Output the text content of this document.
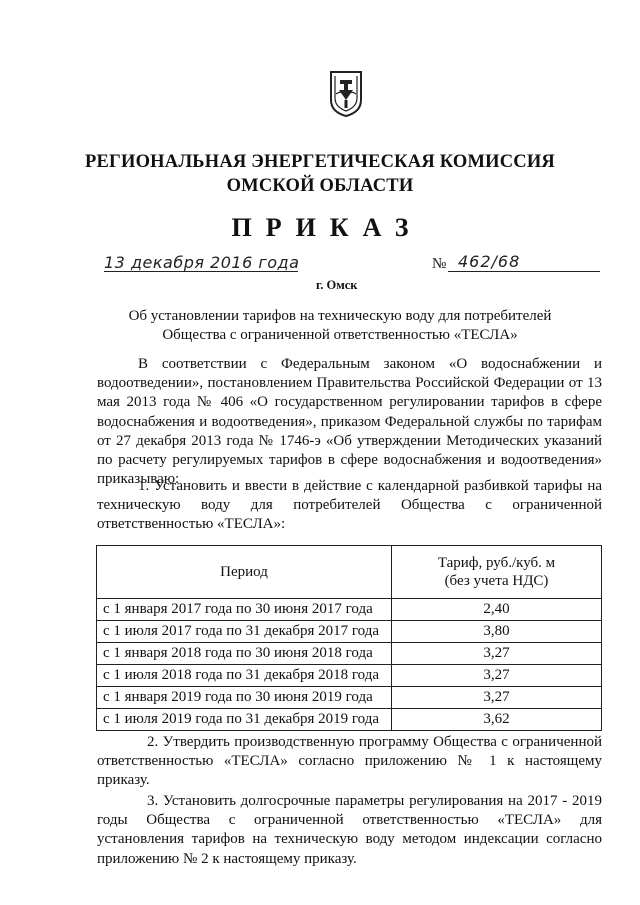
РЕГИОНАЛЬНАЯ ЭНЕРГЕТИЧЕСКАЯ КОМИССИЯ
ОМСКОЙ ОБЛАСТИ
ПРИКАЗ
13 декабря 2016 года	№ 462/68
г. Омск
Об установлении тарифов на техническую воду для потребителей
Общества с ограниченной ответственностью «ТЕСЛА»
В соответствии с Федеральным законом «О водоснабжении и водоотведении», постановлением Правительства Российской Федерации от 13 мая 2013 года № 406 «О государственном регулировании тарифов в сфере водоснабжения и водоотведения», приказом Федеральной службы по тарифам от 27 декабря 2013 года № 1746-э «Об утверждении Методических указаний по расчету регулируемых тарифов в сфере водоснабжения и водоотведения» приказываю:
1. Установить и ввести в действие с календарной разбивкой тарифы на техническую воду для потребителей Общества с ограниченной ответственностью «ТЕСЛА»:
Период	Тариф, руб./куб. м
(без учета НДС)

с 1 января 2017 года по 30 июня 2017 года	2,40
с 1 июля 2017 года по 31 декабря 2017 года	3,80
с 1 января 2018 года по 30 июня 2018 года	3,27
с 1 июля 2018 года по 31 декабря 2018 года	3,27
с 1 января 2019 года по 30 июня 2019 года	3,27
с 1 июля 2019 года по 31 декабря 2019 года	3,62
2. Утвердить производственную программу Общества с ограниченной ответственностью «ТЕСЛА» согласно приложению № 1 к настоящему приказу.
3. Установить долгосрочные параметры регулирования на 2017 - 2019 годы Общества с ограниченной ответственностью «ТЕСЛА» для установления тарифов на техническую воду методом индексации согласно приложению № 2 к настоящему приказу.
